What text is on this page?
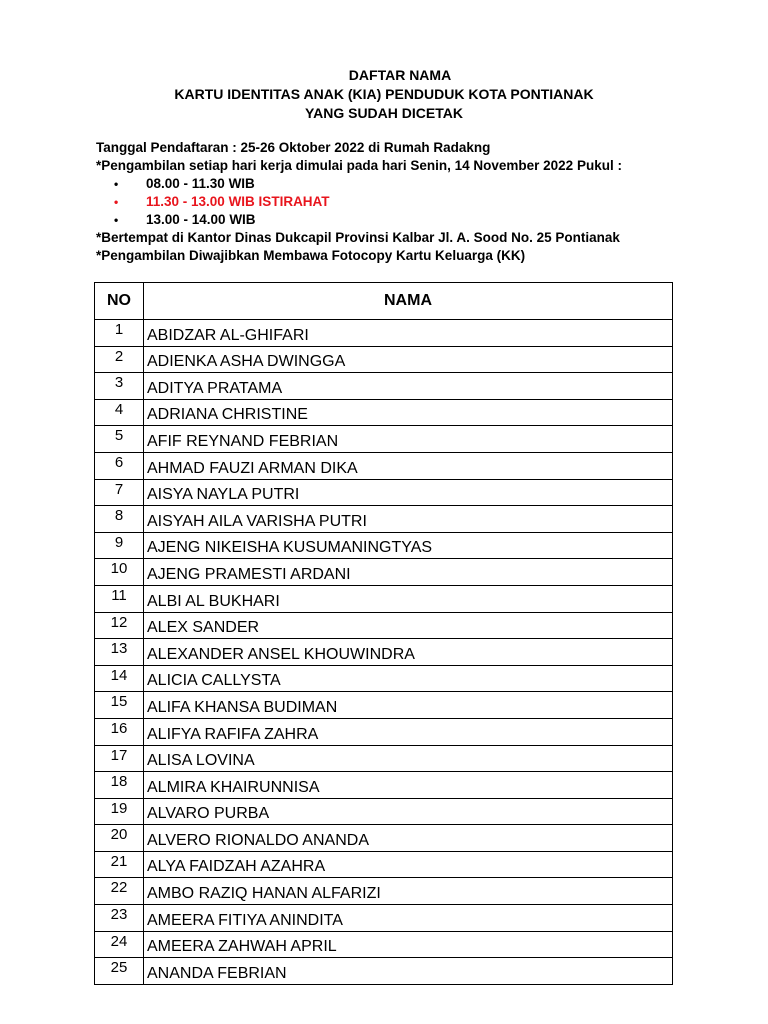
DAFTAR NAMA
KARTU IDENTITAS ANAK (KIA) PENDUDUK KOTA PONTIANAK
YANG SUDAH DICETAK
Tanggal Pendaftaran : 25-26 Oktober 2022 di Rumah Radakng
*Pengambilan setiap hari kerja dimulai pada hari Senin, 14 November 2022 Pukul :
• 08.00 - 11.30 WIB
• 11.30 - 13.00 WIB ISTIRAHAT
• 13.00 - 14.00 WIB
*Bertempat di Kantor Dinas Dukcapil Provinsi Kalbar Jl. A. Sood No. 25 Pontianak
*Pengambilan Diwajibkan Membawa Fotocopy Kartu Keluarga (KK)
NO	NAMA
1	ABIDZAR AL-GHIFARI
2	ADIENKA ASHA DWINGGA
3	ADITYA PRATAMA
4	ADRIANA CHRISTINE
5	AFIF REYNAND FEBRIAN
6	AHMAD FAUZI ARMAN DIKA
7	AISYA NAYLA PUTRI
8	AISYAH AILA VARISHA PUTRI
9	AJENG NIKEISHA KUSUMANINGTYAS
10	AJENG PRAMESTI ARDANI
11	ALBI AL BUKHARI
12	ALEX SANDER
13	ALEXANDER ANSEL KHOUWINDRA
14	ALICIA CALLYSTA
15	ALIFA KHANSA BUDIMAN
16	ALIFYA RAFIFA ZAHRA
17	ALISA LOVINA
18	ALMIRA KHAIRUNNISA
19	ALVARO PURBA
20	ALVERO RIONALDO ANANDA
21	ALYA FAIDZAH AZAHRA
22	AMBO RAZIQ HANAN ALFARIZI
23	AMEERA FITIYA ANINDITA
24	AMEERA ZAHWAH APRIL
25	ANANDA FEBRIAN
